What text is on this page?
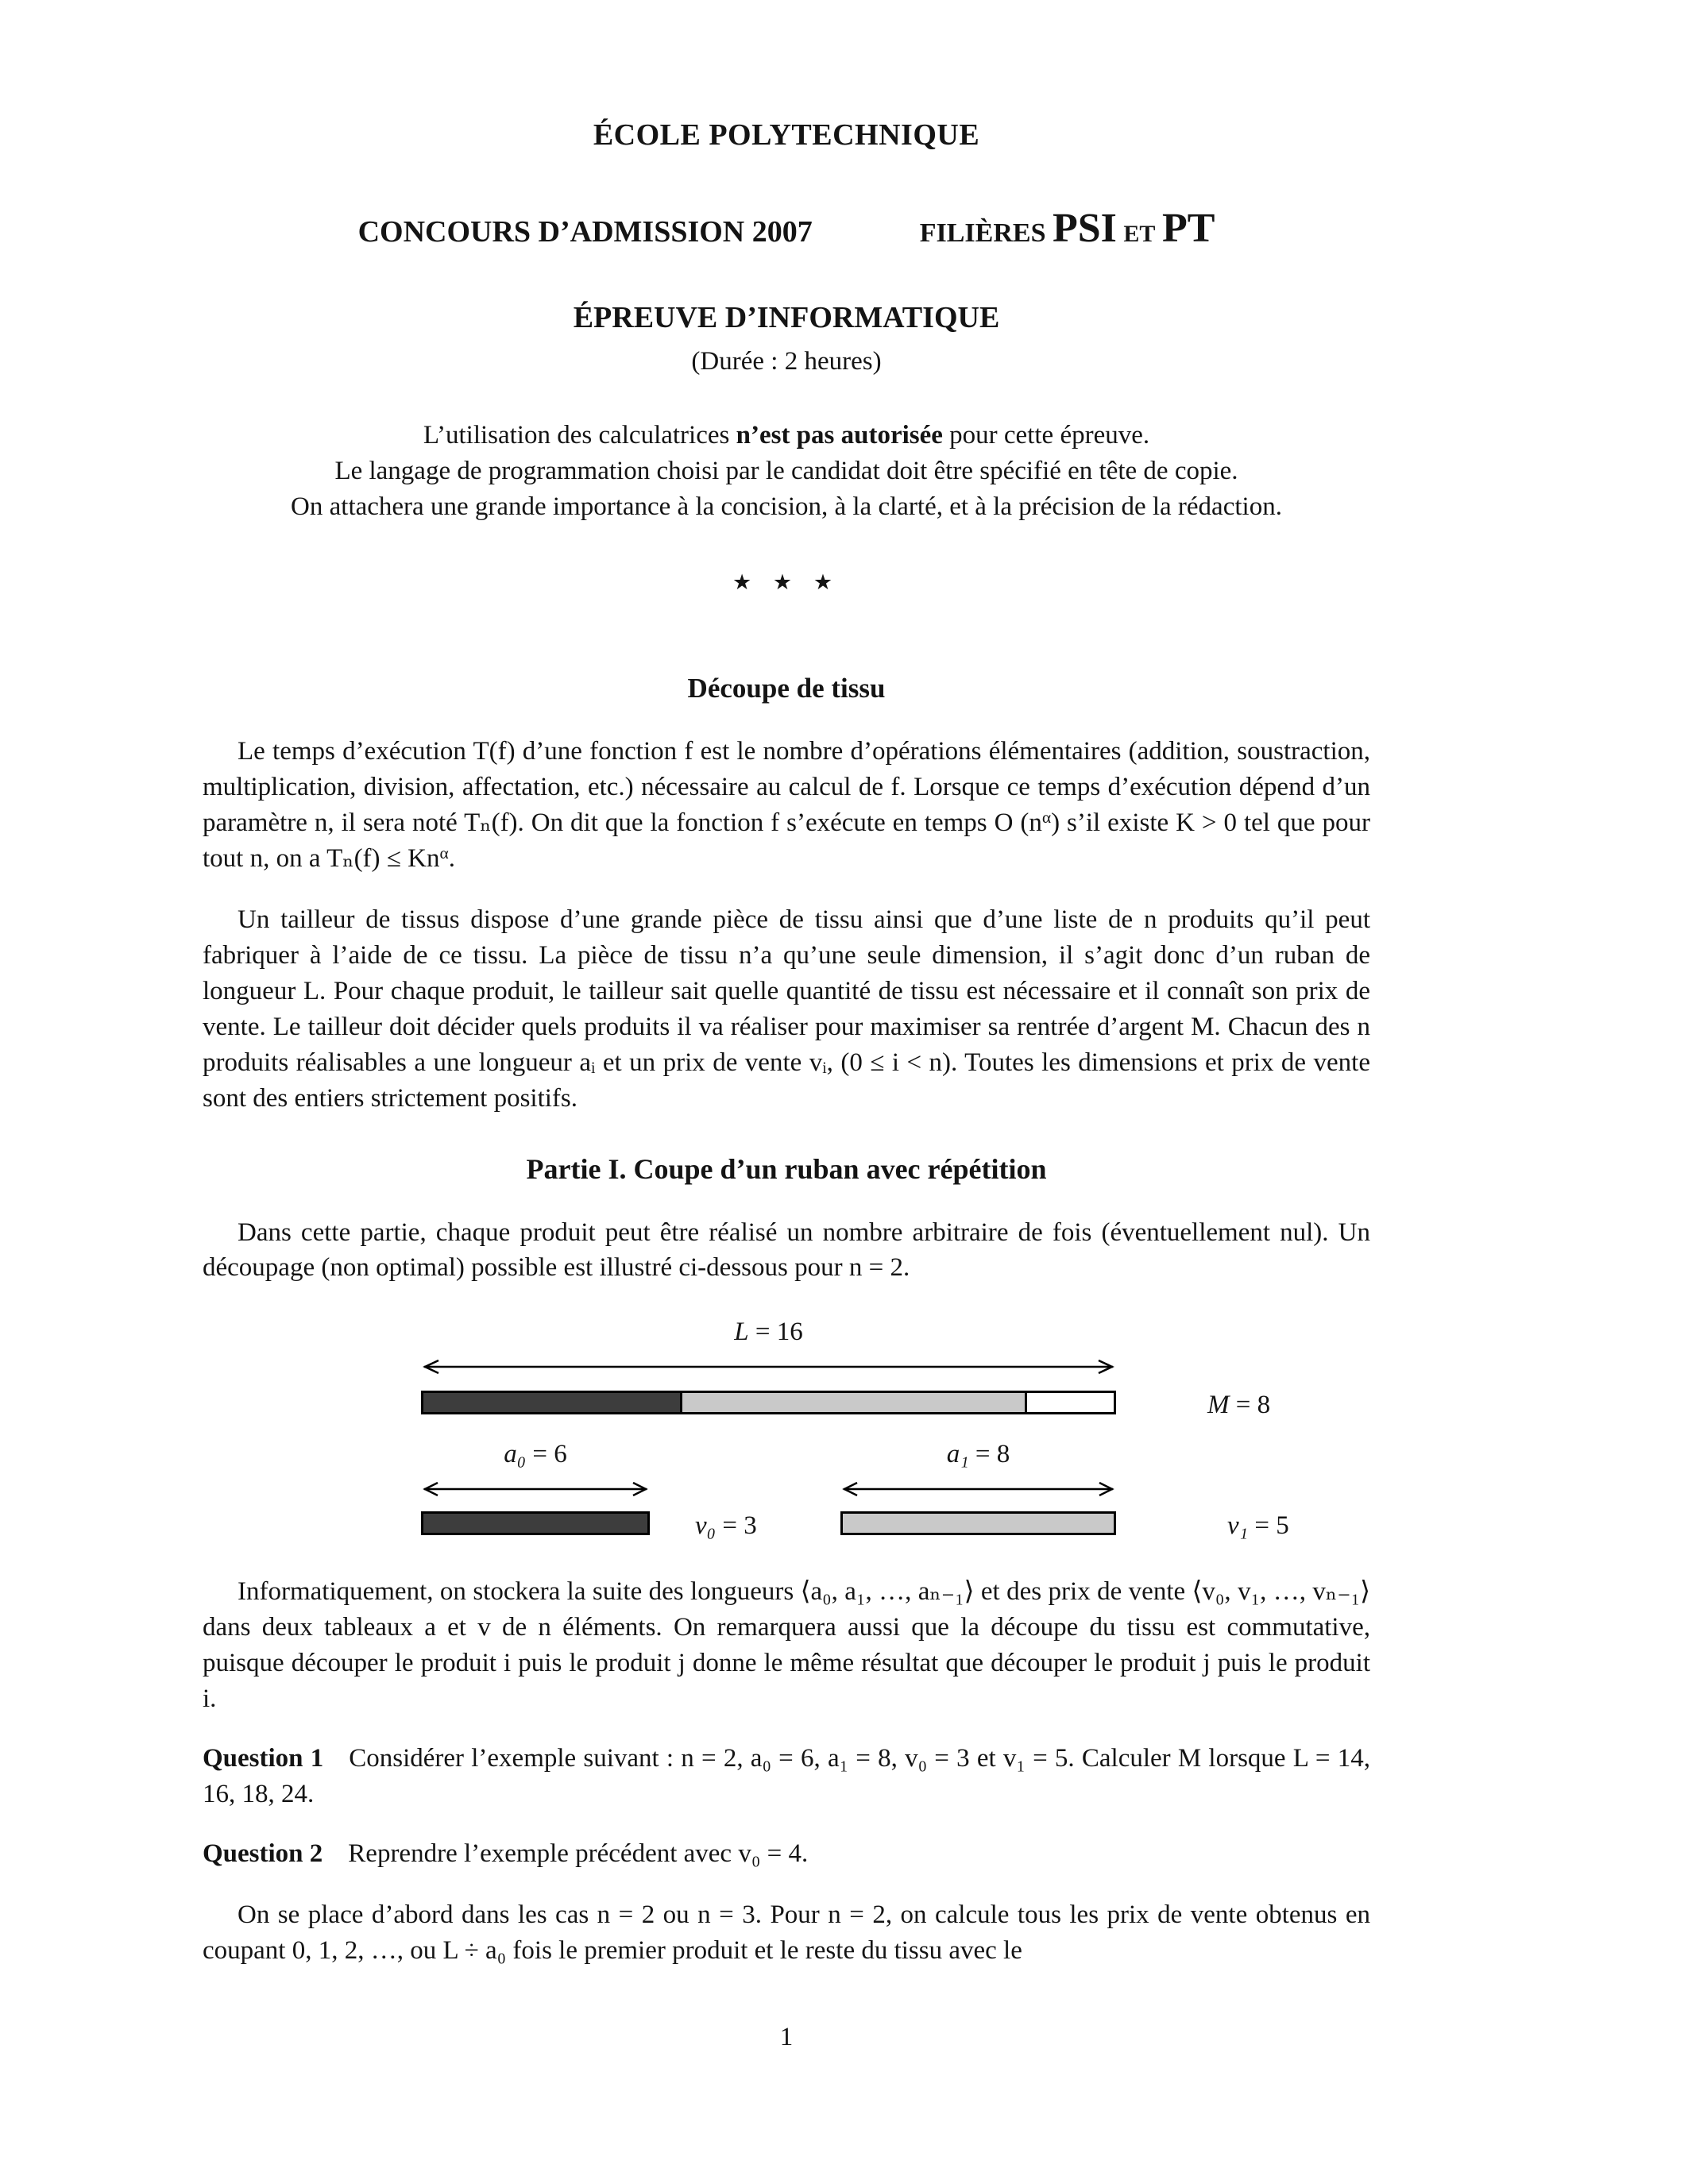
ÉCOLE POLYTECHNIQUE
CONCOURS D’ADMISSION 2007	FILIÈRES PSI ET PT
ÉPREUVE D’INFORMATIQUE
(Durée : 2 heures)
L’utilisation des calculatrices n’est pas autorisée pour cette épreuve.
Le langage de programmation choisi par le candidat doit être spécifié en tête de copie.
On attachera une grande importance à la concision, à la clarté, et à la précision de la rédaction.
★ ★ ★
Découpe de tissu

Le temps d’exécution T(f) d’une fonction f est le nombre d’opérations élémentaires (addition, soustraction, multiplication, division, affectation, etc.) nécessaire au calcul de f. Lorsque ce temps d’exécution dépend d’un paramètre n, il sera noté Tₙ(f). On dit que la fonction f s’exécute en temps O $(n^\alpha)$ s’il existe K > 0 tel que pour tout n, on a $T_n(f) \le Kn^\alpha$.

Un tailleur de tissus dispose d’une grande pièce de tissu ainsi que d’une liste de n produits qu’il peut fabriquer à l’aide de ce tissu. La pièce de tissu n’a qu’une seule dimension, il s’agit donc d’un ruban de longueur L. Pour chaque produit, le tailleur sait quelle quantité de tissu est nécessaire et il connaît son prix de vente. Le tailleur doit décider quels produits il va réaliser pour maximiser sa rentrée d’argent M. Chacun des n produits réalisables a une longueur aᵢ et un prix de vente vᵢ, (0 ≤ i < n). Toutes les dimensions et prix de vente sont des entiers strictement positifs.

Partie I. Coupe d’un ruban avec répétition

Dans cette partie, chaque produit peut être réalisé un nombre arbitraire de fois (éventuellement nul). Un découpage (non optimal) possible est illustré ci-dessous pour n = 2.

L = 16
M = 8
a₀ = 6	a₁ = 8
v₀ = 3	v₁ = 5

Informatiquement, on stockera la suite des longueurs ⟨a₀, a₁, …, aₙ₋₁⟩ et des prix de vente ⟨v₀, v₁, …, vₙ₋₁⟩ dans deux tableaux a et v de n éléments. On remarquera aussi que la découpe du tissu est commutative, puisque découper le produit i puis le produit j donne le même résultat que découper le produit j puis le produit i.

Question 1 Considérer l’exemple suivant : n = 2, a₀ = 6, a₁ = 8, v₀ = 3 et v₁ = 5. Calculer M lorsque L = 14, 16, 18, 24.

Question 2 Reprendre l’exemple précédent avec v₀ = 4.

On se place d’abord dans les cas n = 2 ou n = 3. Pour n = 2, on calcule tous les prix de vente obtenus en coupant 0, 1, 2, …, ou L ÷ a₀ fois le premier produit et le reste du tissu avec le

1
